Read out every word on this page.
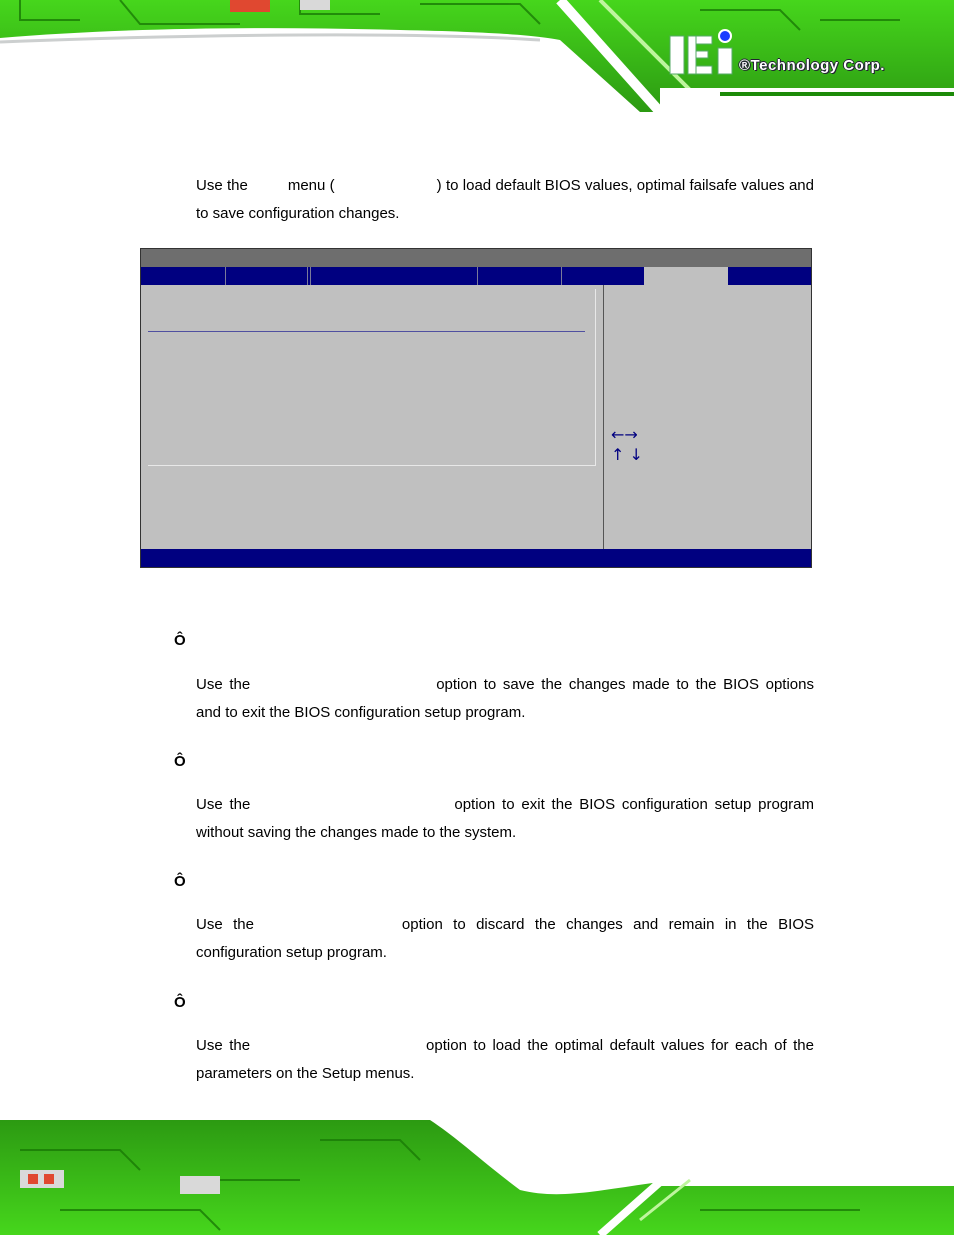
®Technology Corp.
Use the	menu (	) to load default BIOS values, optimal failsafe values and to save configuration changes.
←→
↑ ↓
Ô
Use the	option to save the changes made to the BIOS options and to exit the BIOS configuration setup program.
Ô
Use the	option to exit the BIOS configuration setup program without saving the changes made to the system.
Ô
Use the	option to discard the changes and remain in the BIOS configuration setup program.
Ô
Use the	option to load the optimal default values for each of the parameters on the Setup menus.
